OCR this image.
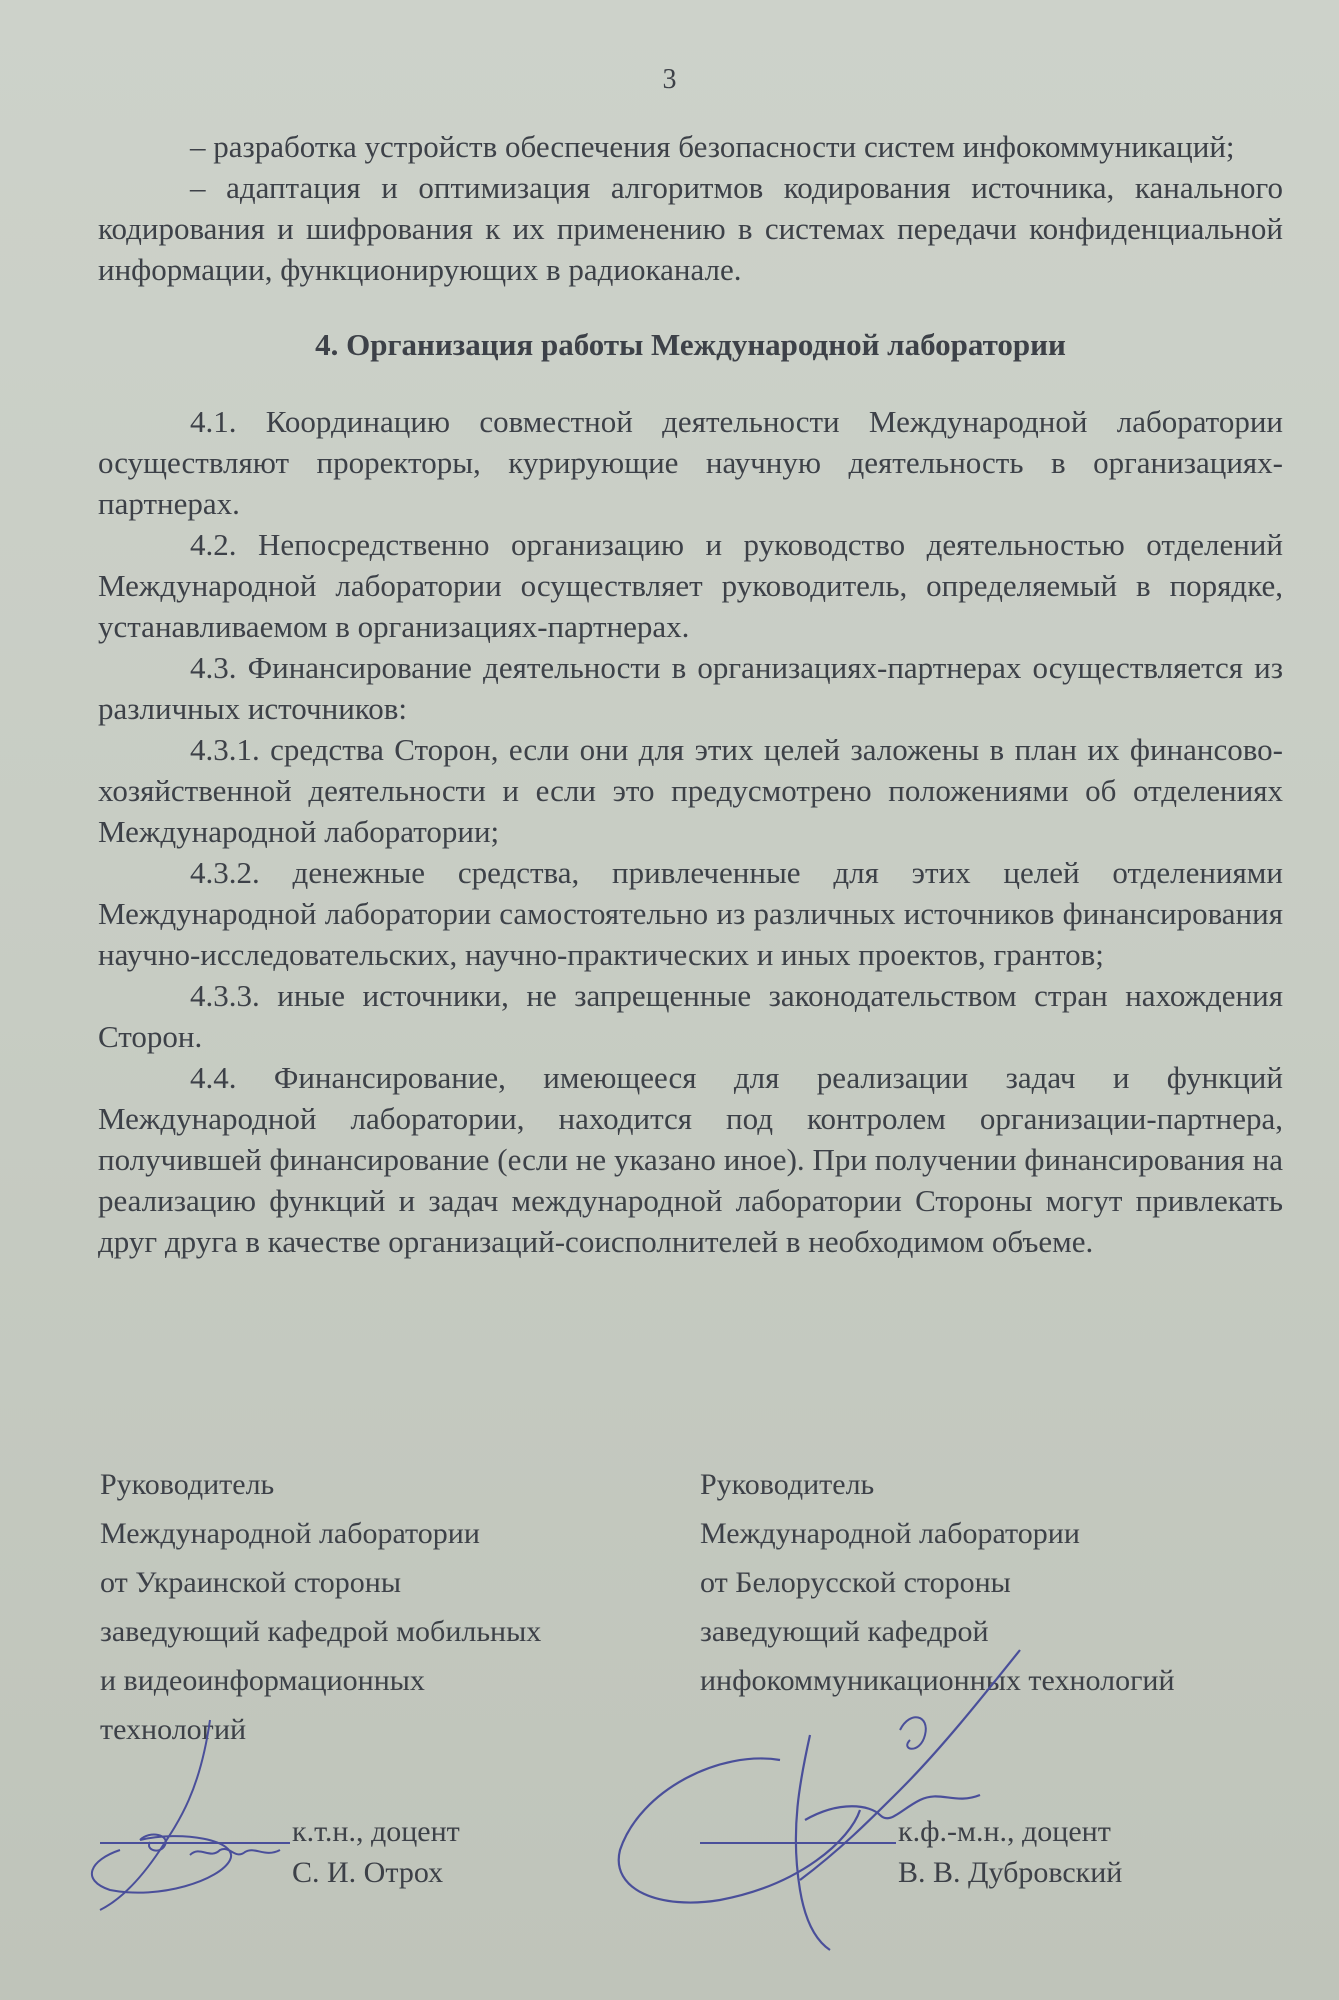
3

– разработка устройств обеспечения безопасности систем инфокоммуникаций;

– адаптация и оптимизация алгоритмов кодирования источника, канального кодирования и шифрования к их применению в системах передачи конфиденциальной информации, функционирующих в радиоканале.

4. Организация работы Международной лаборатории

4.1. Координацию совместной деятельности Международной лаборатории осуществляют проректоры, курирующие научную деятельность в организациях-партнерах.

4.2. Непосредственно организацию и руководство деятельностью отделений Международной лаборатории осуществляет руководитель, определяемый в порядке, устанавливаемом в организациях-партнерах.

4.3. Финансирование деятельности в организациях-партнерах осуществляется из различных источников:

4.3.1. средства Сторон, если они для этих целей заложены в план их финансово-хозяйственной деятельности и если это предусмотрено положениями об отделениях Международной лаборатории;

4.3.2. денежные средства, привлеченные для этих целей отделениями Международной лаборатории самостоятельно из различных источников финансирования научно-исследовательских, научно-практических и иных проектов, грантов;

4.3.3. иные источники, не запрещенные законодательством стран нахождения Сторон.

4.4. Финансирование, имеющееся для реализации задач и функций Международной лаборатории, находится под контролем организации-партнера, получившей финансирование (если не указано иное). При получении финансирования на реализацию функций и задач международной лаборатории Стороны могут привлекать друг друга в качестве организаций-соисполнителей в необходимом объеме.

Руководитель
Международной лаборатории
от Украинской стороны
заведующий кафедрой мобильных
и видеоинформационных
технологий
к.т.н., доцент
С. И. Отрох
Руководитель
Международной лаборатории
от Белорусской стороны
заведующий кафедрой
инфокоммуникационных технологий
к.ф.-м.н., доцент
В. В. Дубровский
